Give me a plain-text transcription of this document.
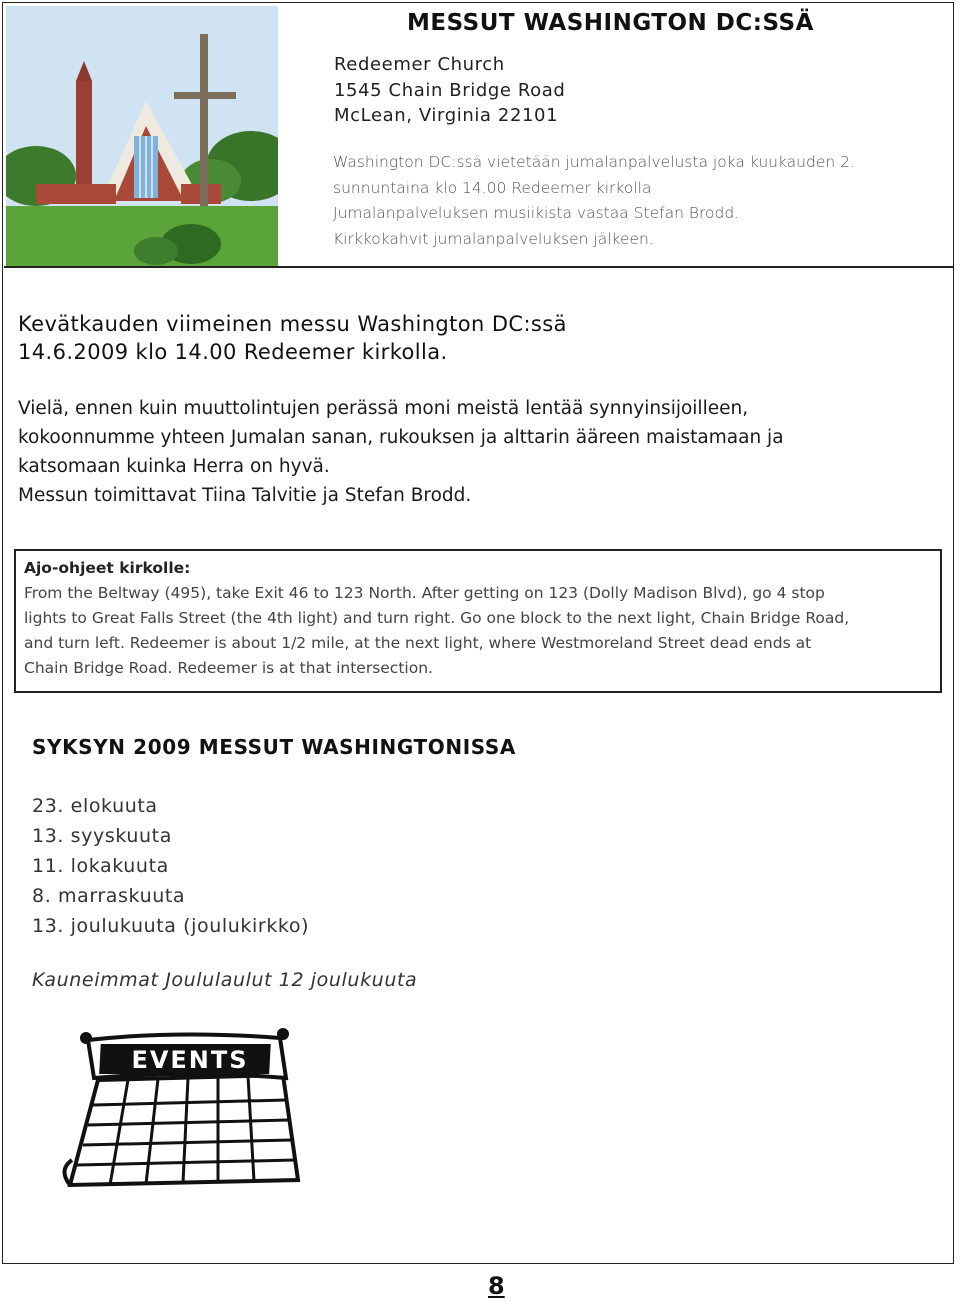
MESSUT WASHINGTON DC:SSÄ
Redeemer Church
1545 Chain Bridge Road
McLean, Virginia 22101
Washington DC:ssä vietetään jumalanpalvelusta joka kuukauden 2.
sunnuntaina klo 14.00 Redeemer kirkolla
Jumalanpalveluksen musiikista vastaa Stefan Brodd.
Kirkkokahvit jumalanpalveluksen jälkeen.
Kevätkauden viimeinen messu Washington DC:ssä
14.6.2009 klo 14.00 Redeemer kirkolla.
Vielä, ennen kuin muuttolintujen perässä moni meistä lentää synnyinsijoilleen,
kokoonnumme yhteen Jumalan sanan, rukouksen ja alttarin ääreen maistamaan ja
katsomaan kuinka Herra on hyvä.
Messun toimittavat Tiina Talvitie ja Stefan Brodd.
Ajo-ohjeet kirkolle:
From the Beltway (495), take Exit 46 to 123 North. After getting on 123 (Dolly Madison Blvd), go 4 stop
lights to Great Falls Street (the 4th light) and turn right. Go one block to the next light, Chain Bridge Road,
and turn left. Redeemer is about 1/2 mile, at the next light, where Westmoreland Street dead ends at
Chain Bridge Road. Redeemer is at that intersection.
SYKSYN 2009 MESSUT WASHINGTONISSA
23. elokuuta
13. syyskuuta
11. lokakuuta
8. marraskuuta
13. joulukuuta (joulukirkko)
Kauneimmat Joululaulut 12 joulukuuta
EVENTS
8
